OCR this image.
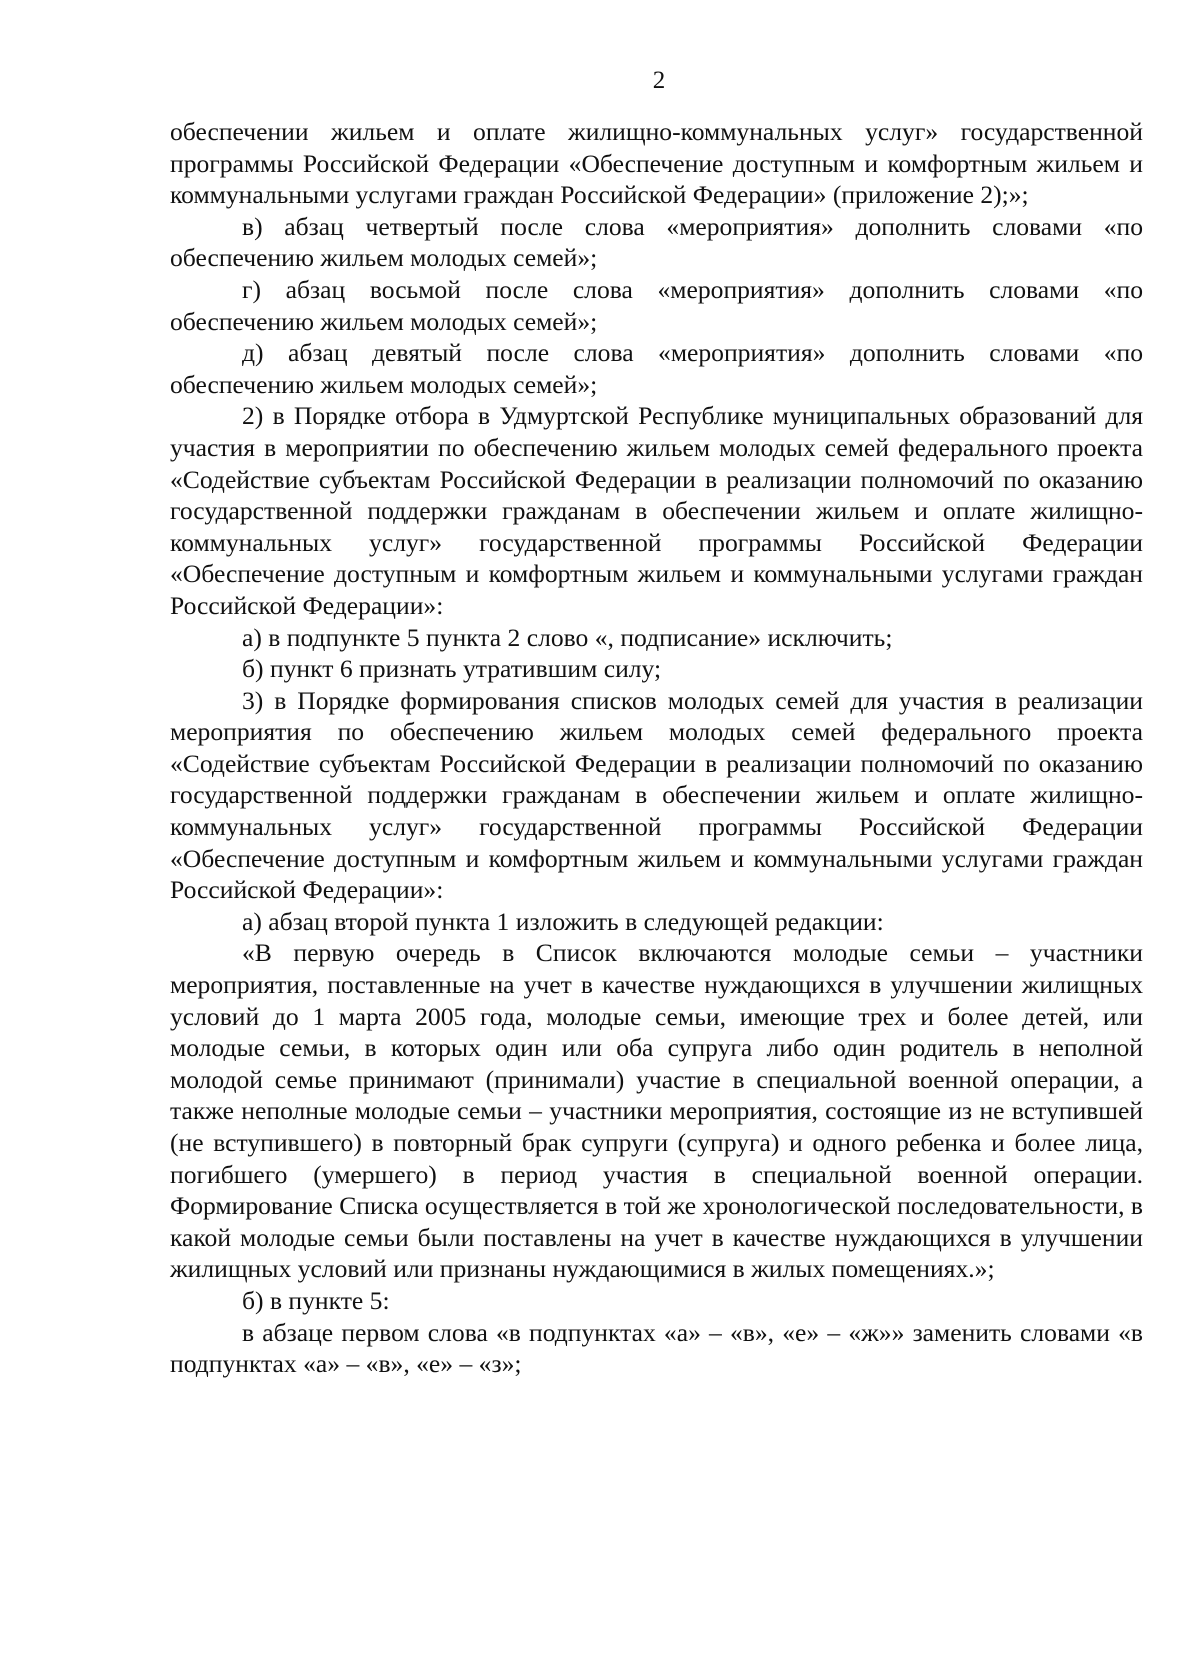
2

обеспечении жильем и оплате жилищно-коммунальных услуг» государственной программы Российской Федерации «Обеспечение доступным и комфортным жильем и коммунальными услугами граждан Российской Федерации» (приложение 2);»;

в) абзац четвертый после слова «мероприятия» дополнить словами «по обеспечению жильем молодых семей»;

г) абзац восьмой после слова «мероприятия» дополнить словами «по обеспечению жильем молодых семей»;

д) абзац девятый после слова «мероприятия» дополнить словами «по обеспечению жильем молодых семей»;

2) в Порядке отбора в Удмуртской Республике муниципальных образований для участия в мероприятии по обеспечению жильем молодых семей федерального проекта «Содействие субъектам Российской Федерации в реализации полномочий по оказанию государственной поддержки гражданам в обеспечении жильем и оплате жилищно-коммунальных услуг» государственной программы Российской Федерации «Обеспечение доступным и комфортным жильем и коммунальными услугами граждан Российской Федерации»:

а) в подпункте 5 пункта 2 слово «, подписание» исключить;

б) пункт 6 признать утратившим силу;

3) в Порядке формирования списков молодых семей для участия в реализации мероприятия по обеспечению жильем молодых семей федерального проекта «Содействие субъектам Российской Федерации в реализации полномочий по оказанию государственной поддержки гражданам в обеспечении жильем и оплате жилищно-коммунальных услуг» государственной программы Российской Федерации «Обеспечение доступным и комфортным жильем и коммунальными услугами граждан Российской Федерации»:

а) абзац второй пункта 1 изложить в следующей редакции:

«В первую очередь в Список включаются молодые семьи – участники мероприятия, поставленные на учет в качестве нуждающихся в улучшении жилищных условий до 1 марта 2005 года, молодые семьи, имеющие трех и более детей, или молодые семьи, в которых один или оба супруга либо один родитель в неполной молодой семье принимают (принимали) участие в специальной военной операции, а также неполные молодые семьи – участники мероприятия, состоящие из не вступившей (не вступившего) в повторный брак супруги (супруга) и одного ребенка и более лица, погибшего (умершего) в период участия в специальной военной операции. Формирование Списка осуществляется в той же хронологической последовательности, в какой молодые семьи были поставлены на учет в качестве нуждающихся в улучшении жилищных условий или признаны нуждающимися в жилых помещениях.»;

б) в пункте 5:

в абзаце первом слова «в подпунктах «а» – «в», «е» – «ж»» заменить словами «в подпунктах «а» – «в», «е» – «з»;
